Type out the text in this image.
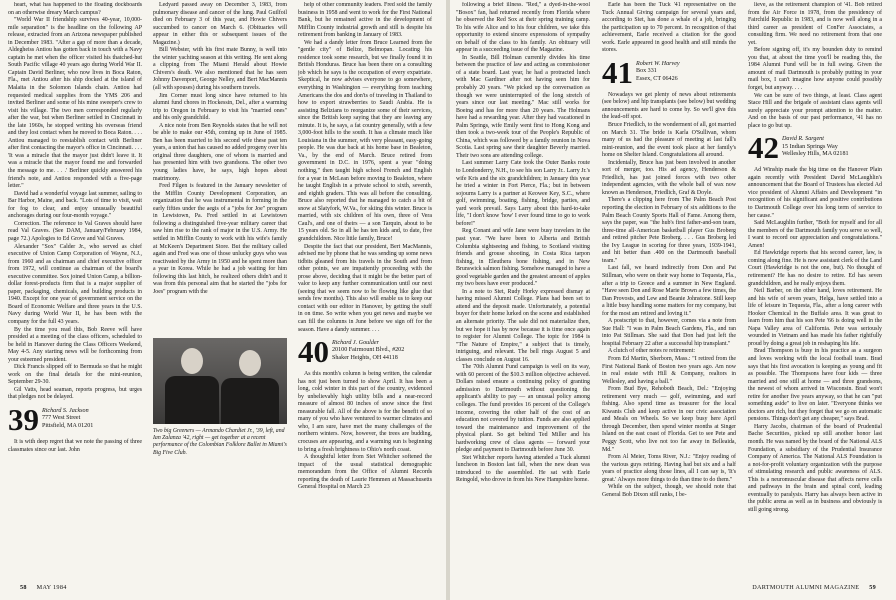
heart, what has happened to the floating dockboards on an otherwise dreary March campus?

"World War II friendship survives 40-year, 10,000-mile separation" is the headline on the following AP release, extracted from an Arizona newspaper published in December 1983. "After a gap of more than a decade, Aldegheiss Antiou has gotten back in touch with a Navy captain he met when the officer visited his thatched-hut South Pacific village 40 years ago during World War II. Captain David Berliner, who now lives in Boca Raton, Fla., met Antiou after his ship docked at the island of Malaita in the Solomon Islands chain. Antiou had requested medical supplies from the YMS 206 and invited Berliner and some of his mine sweeper's crew to visit his village. The two men corresponded regularly after the war, but when Berliner settled in Cincinnati in the late 1960s, he stopped writing his overseas friend and they lost contact when he moved to Boca Raton. . . . Antiou managed to reestablish contact with Berliner after first contacting the mayor's office in Cincinnati. . . . 'It was a miracle that the mayor just didn't leave it. It was a miracle that the mayor found me and forwarded the message to me. . . .' Berliner quickly answered his friend's note, and Antiou responded with a five-page letter."

David had a wonderful voyage last summer, sailing to Bar Harbor, Maine, and back. "Lots of time to visit, wait for fog to clear, and enjoy unusually beautiful anchorages during our four-month voyage."

Correction. The reference to Val Graves should have read Val Graves. (See DAM, January/February 1984, page 72.) Apologies to Ed Grove and Val Graves.

Alexander "Sox" Calder Jr., who served as chief executive of Union Camp Corporation of Wayne, N.J., from 1960 and as chairman and chief executive officer from 1972, will continue as chairman of the board's executive committee. Sox joined Union Camp, a billion-dollar forest-products firm that is a major supplier of paper, packaging, chemicals, and building products in 1940. Except for one year of government service on the Board of Economic Welfare and three years in the U.S. Navy during World War II, he has been with the company for the full 43 years.

By the time you read this, Bob Reeve will have presided at a meeting of the class officers, scheduled to be held in Hanover during the Class Officers Weekend, May 4-5. Any starting news will be forthcoming from your esteemed president.

Dick Francis slipped off to Bermuda so that he might work on the final details for the mini-reunion, September 29-30.

Gil Vatts, head seaman, reports progress, but urges that pledges not be delayed.

39 Richard S. Jackson
777 West Street
Pittsfield, MA 01201

It is with deep regret that we note the passing of three classmates since our last. John

Ledyard passed away on December 3, 1983, from pulmonary disease and cancer of the lung. Paul Guilfoil died on February 3 of this year, and Howie Chivers succumbed to cancer on March 6. (Obituaries will appear in either this or subsequent issues of the Magazine.)

Bill Webster, with his first mate Bunny, is well into the winter yachting season at this writing. He sent along a clipping from The Miami Herald about Howie Chivers's death. We also mentioned that he has seen Johnny Davenport, George Nelley, and Bert MacMannis (all with spouses) during his southern travels.

Jim Corner must long since have returned to his alumni fund chores in Hockessin, Del., after a warming trip to Oregon in February to visit his "married ones" and his only grandchild.

A nice note from Ben Reynolds states that he will not be able to make our 45th, coming up in June of 1985. Ben has been married to his second wife these past ten years, a union that has caused no added progeny over his original three daughters, one of whom is married and has presented him with two grandsons. The other two young ladies have, he says, high hopes about matrimony.

Fred Filgen is featured in the January newsletter of the Mifflin County Development Corporation, an organization that he was instrumental in forming in the early fifties under the aegis of a "jobs for Joe" program in Lewistown, Pa. Fred settled in at Lewistown following a distinguished five-year military career that saw him rise to the rank of major in the U.S. Army. He settled in Mifflin County to work with his wife's family at McKeen's Department Store. But the military called again and Fred was one of those unlucky guys who was reactivated by the Army in 1950 and he spent more than a year in Korea. While he had a job waiting for him following this last hitch, he realized others didn't and it was from this personal aim that he started the "jobs for Joes" program with the

Two big Greeners — Armando Chardiet Jr., '39, left, and Ian Zalanza '42, right — get together at a recent performance of the Colombian Folklore Ballet in Miami's Big Five Club.

help of other community leaders. Fred sold the family business in 1958 and went to work for the First National Bank, but he remained active in the development of Mifflin County industrial growth and still is despite his retirement from banking in January of 1983.

We had a dandy letter from Bruce Learned from the "gentle city" of Belize, Belmopan. Locating his residence took some research, but we finally found it in British Honduras. Bruce has been there on a consulting job which he says is the occupation of every expatriate. Skeptical, he now advises everyone to go somewhere, everything in Washington — everything from teaching Americans the dos and don'ts of traveling in Thailand to how to export strawberries to Saudi Arabia. He is assisting Belizians to reorganize some of their services, since the British keep saying that they are leaving any minute. It is, he says, a fat country generally, with a few 3,000-foot hills to the south. It has a climate much like Louisiana in the summer, with very pleasant, easy-going people. He was due back at his home base in Bealeton, Va., by the end of March. Bruce retired from government in D.C. in 1976, spent a year "doing nothing," then taught high school French and English for a year in McLean before moving to Bealeton, where he taught English in a private school to sixth, seventh, and eighth graders. This was all before the consulting. Bruce also reported that he managed to catch a bit of snow at Slatyfork, W.Va., for skiing this winter. Bruce is married, with six children of his own, three of Vera Caul's, and one of theirs — a son Tarquin, about to be 15 years old. So in all he has ten kids and, to date, five grandchildren. Nice little family, Bruce!

Despite the fact that our president, Bert MacMannis, advised me by phone that he was sending up some news tidbits gleaned from his travels in the South and from other points, we are impatiently proceeding with the prose above, deciding that it might be the better part of valor to keep any further communication until our next (seeing that we seem now to be flowing like glue that sends few months). This also will enable us to keep our contact with our editor in Hanover, by getting the stuff in on time. So write when you get news and maybe we can fill the columns in June before we sign off for the season. Have a dandy summer. . . .

40 Richard J. Goulder
20100 Fairmount Blvd., #202
Shaker Heights, OH 44118

As this month's column is being written, the calendar has not just been turned to show April. It has been a long, cold winter in this part of the country, evidenced by unbelievably high utility bills and a near-record measure of almost 80 inches of snow since the first measurable fall. All of the above is for the benefit of so many of you who have ventured to warmer climates and who, I am sure, have met the many challenges of the northern winters. Now, however, the trees are budding, crocuses are appearing, and a warming sun is beginning to bring a fresh brightness to Ohio's north coast.

A thoughtful letter from Stet Whitcher softened the impact of the usual statistical demographic memorandum from the Office of Alumni Records reporting the death of Laurie Hemmen at Massachusetts General Hospital on March 23

58 MAY 1984

following a brief illness. "Red," a dyed-in-the-wool "Bosox" fan, had returned recently from Florida where he observed the Red Sox at their spring training camp. To his wife Alice and to his four children, we take this opportunity to extend sincere expressions of sympathy on behalf of the class to his family. An obituary will appear in a succeeding issue of the Magazine.

In Seattle, Bill Holman currently divides his time between the practice of law and acting as commissioner of a state board. Last year, he had a protracted lunch with Mac Gardiner after not having seen him for probably 20 years. "We picked up the conversation as though we were uninterrupted of the long stretch of years since our last meeting." Mac still works for Boeing and has for more than 20 years. The Holmans have had a rewarding year. After they had vacationed in Palm Springs, wife Emily went first to Hong Kong and then took a two-week tour of the People's Republic of China, which was followed by a family reunion in Nova Scotia. Last spring saw their daughter Beverly married. Their two sons are attending college.

Last summer Larry Cate took the Outer Banks route to Londonderry, N.H., to see his son Larry Jr.. Larry Jr.'s wife Kris and the six grandchildren; in January this year he tried a winter in Fort Pierce, Fla.; but in between sojourns Larry is a partner at Keowee Key, S.C., where golf, swimming, boating, fishing, bridge, parties, and yard work prevail. Says Larry about this hard-to-take life, "I don't know 'how' I ever found time to go to work before!"

Reg Conant and wife Jane were busy travelers in the past year. "We have been to Alberta and British Columbia sightseeing and fishing, to Scotland visiting friends and grouse shooting, in Costa Rica tarpon fishing, in Eleuthera bone fishing, and in New Brunswick salmon fishing. Somehow managed to have a good vegetable garden and the greatest amount of apples my two bees have ever produced."

In a note to Stet, Rudy Horky expressed dismay at having missed Alumni College. Plans had been set to attend and the deposit made. Unfortunately, a potential buyer for their home lurked on the scene and established an alternate priority. The sale did not materialize then, but we hope it has by now because it is time once again to register for Alumni College. The topic for 1984 is "The Nature of Empire," a subject that is timely, intriguing, and relevant. The bell rings August 5 and classes conclude on August 16.

The 70th Alumni Fund campaign is well on its way, with 60 percent of the $10.3 million objective achieved. Dollars raised ensure a continuing policy of granting admission to Dartmouth without questioning the applicant's ability to pay — an unusual policy among colleges. The fund provides 16 percent of the College's income, covering the other half of the cost of an education not covered by tuition. Funds are also applied toward the maintenance and improvement of the physical plant. So get behind Ted Miller and his hardworking crew of class agents — forward your pledge and payment to Dartmouth before June 30.

Stet Whitcher reports having attended a Tuck alumni luncheon in Boston last fall, when the new dean was introduced to the assembled. He sat with Earle Reingold, who drove in from his New Hampshire home.

Earle has been the Tuck '41 representative on the Tuck Annual Giving campaign for several years and, according to Stet, has done a whale of a job, bringing the participation up to 70 percent. In recognition of that achievement, Earle received a citation for the good work. Earle appeared in good health and still minds the stores.

41 Robert W. Harvey
Box 331
Essex, CT 06426

Nowadays we get plenty of news about retirements (see below) and hip transplants (see below) but wedding announcements are hard to come by. So we'll give this the lead-off spot.

Bruce Friedlich, to the wonderment of all, got married on March 31. The bride is Karla O'Sullivan, whom many of us had the pleasure of meeting at last fall's mini-reunion, and the event took place at her family's home on Shelter Island. Congratulations all around.

Incidentally, Bruce has just been involved in another sort of merger, too. His ad agency, Henderson & Friedlich, has just joined forces with two other independent agencies, with the whole ball of wax now known as Henderson, Friedlich, Graf & Doyle.

There's a clipping here from The Palm Beach Post reporting the election in February of six additions to the Palm Beach County Sports Hall of Fame. Among them, says the paper, was "the hub's first father-and-son team, three-time all-American basketball player Gus Broberg and retired pitcher Pete Broberg. . . . Gus Broberg led the Ivy League in scoring for three years, 1939-1941, and hit better than .400 on the Dartmouth baseball team."

Last fall, we heard indirectly from Don and Pat Stillman, who were on their way home to Tequesta, Fla., after a trip to Greece and a summer in New England. "Have seen Don and Rose Marie Brown a few times, the Dan Provosts, and Lew and Beanie Johnstone. Still keep a little busy handling some matters for my company, but for the most am retired and loving it."

A postscript to that, however, comes via a note from Sue Hall: "I was in Palm Beach Gardens, Fla., and ran into Pat Stillman. She said that Don had just left the hospital February 22 after a successful hip transplant."

A clutch of other notes re retirement:

From Ed Martin, Sherborn, Mass.: "I retired from the First National Bank of Boston two years ago. Am now in real estate with Hill & Company, realtors in Wellesley, and having a ball."

From Bud Bye, Rehoboth Beach, Del.: "Enjoying retirement very much — golf, swimming, and surf fishing. Also spend time as treasurer for the local Kiwanis Club and keep active in our civic association and Meals on Wheels. So we keep busy here April through December, then spend winter months at Singer Island on the east coast of Florida. Get to see Pete and Peggy Scott, who live not too far away in Belleaida, Md."

From Al Meier, Toms River, N.J.: "Enjoy reading of the various guys retiring. Having had but six and a half years of practice along those lines, all I can say is, 'It's great.' Always more things to do than time to do them."

While on the subject, though, we should note that General Bob Dixon still ranks, I be-

lieve, as the retirement champion of '41. Bob retired from the Air Force in 1978, from the presidency of Fairchild Republic in 1983, and is now well along in a third career as president of ConFer Associates, a consulting firm. We need no retirement from that one yet.

Before signing off, it's my bounden duty to remind you that, at about the time you'll be reading this, the 1984 Alumni Fund will be in full swing. Given the amount of mail Dartmouth is probably putting in your mail box, I can't imagine how anyone could possibly forget, but anyway. . . .

We can be sure of two things, at least. Class agent Stace Hill and the brigade of assistant class agents will surely appreciate your prompt attention to the matter. And on the basis of our past performance, '41 has no place to go but up.

42 David R. Sargent
15 Indian Springs Way
Wellesley Hills, MA 02181

Ad Winship made the big time on the Hanover Plain again recently with President David McLaughlin's announcement that the Board of Trustees has elected Ad vice president of Alumni Affairs and Development "in recognition of his significant and positive contributions to Dartmouth College over his long term of service to her cause."

Said McLaughlin further, "Both for myself and for all the members of the Dartmouth family you serve so well, I want to record our appreciation and congratulations." Amen!

Ed Hawkridge reports that his second career, law, is coming along fine. He is now assistant clerk of the Land Court (Hawkridge is not the one, but). No thought of retirement? He has no desire to retire. Ed has seven grandchildren, and he really enjoys them.

Neil Barber, on the other hand, loves retirement. He and his wife of seven years, Helga, have settled into a life of leisure in Tequesta, Fla., after a long career with Hooker Chemical in the Buffalo area. It was great to learn from him that his son Pete '66 is doing well in the Napa Valley area of California. Pete was seriously wounded in Vietnam and has made his father rightfully proud by doing a great job in reshaping his life.

Brad Thompson is busy in his practice as a surgeon and loves working with the local football team. Brad says that his first avocation is keeping as young and fit as possible. The Thompsons have four kids — three married and one still at home — and three grandsons, the newest of whom arrived in Wisconsin. Brad won't retire for another five years anyway, so that he can "put something aside" to live on later. "Everyone thinks we doctors are rich, but they forget that we go on automatic pensions. Things don't get any cheaper," says Brad.

Harry Jacobs, chairman of the board of Prudential Bache Securities, picked up still another honor last month. He was named by the board of the National ALS Foundation, a subsidiary of the Prudential Insurance Company of America. The National ALS Foundation is a not-for-profit voluntary organization with the purpose of stimulating research and public awareness of ALS. This is a neuromuscular disease that affects nerve cells and pathways in the brain and spinal cord, leading eventually to paralysis. Harry has always been active in the public arena as well as in business and obviously is still going strong.

DARTMOUTH ALUMNI MAGAZINE 59
